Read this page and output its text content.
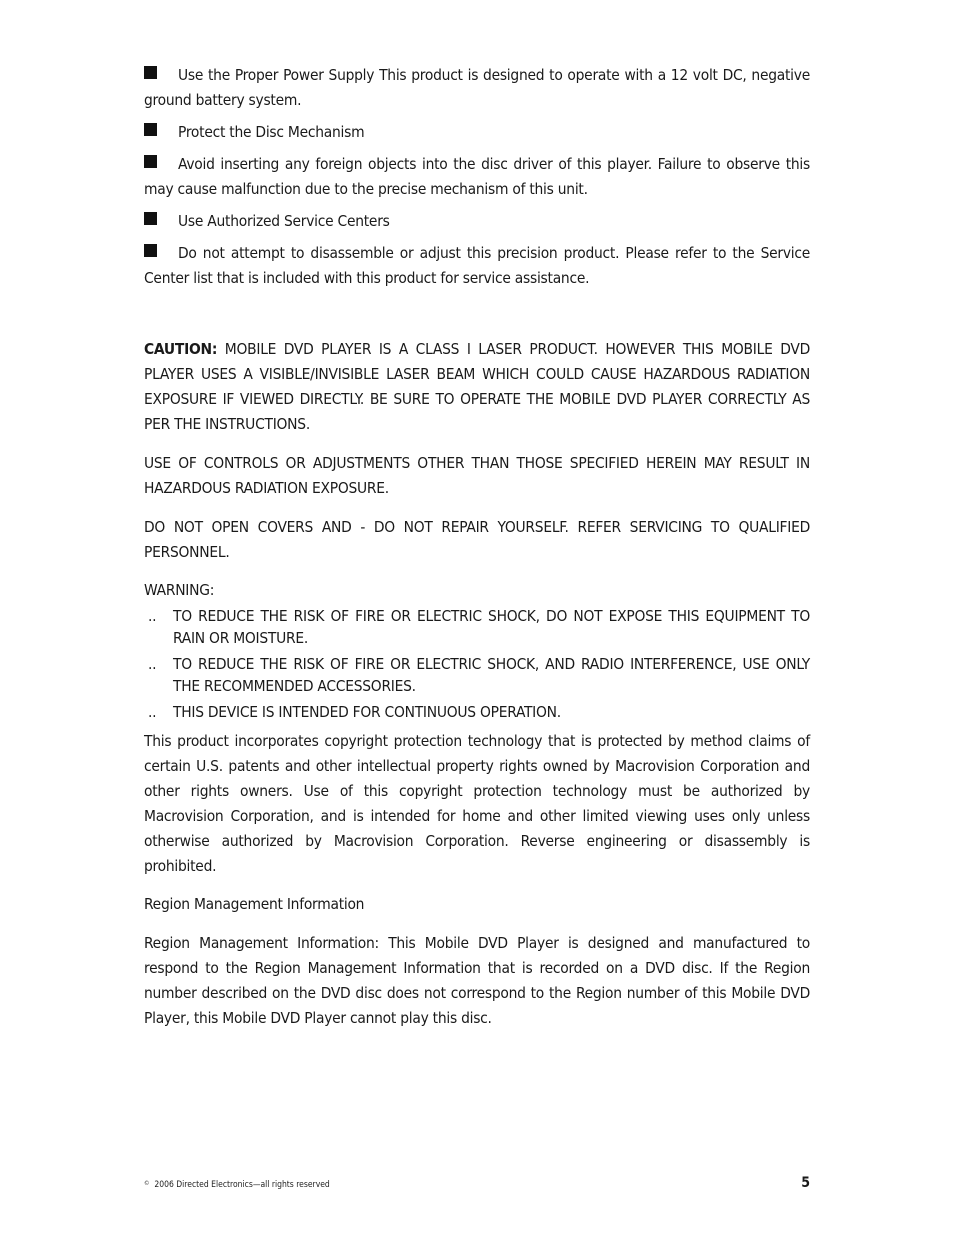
Use the Proper Power Supply This product is designed to operate with a 12 volt DC, negative ground battery system.

Protect the Disc Mechanism

Avoid inserting any foreign objects into the disc driver of this player. Failure to observe this may cause malfunction due to the precise mechanism of this unit.

Use Authorized Service Centers

Do not attempt to disassemble or adjust this precision product. Please refer to the Service Center list that is included with this product for service assistance.

CAUTION: MOBILE DVD PLAYER IS A CLASS I LASER PRODUCT. HOWEVER THIS MOBILE DVD PLAYER USES A VISIBLE/INVISIBLE LASER BEAM WHICH COULD CAUSE HAZARDOUS RADIATION EXPOSURE IF VIEWED DIRECTLY. BE SURE TO OPERATE THE MOBILE DVD PLAYER CORRECTLY AS PER THE INSTRUCTIONS.

USE OF CONTROLS OR ADJUSTMENTS OTHER THAN THOSE SPECIFIED HEREIN MAY RESULT IN HAZARDOUS RADIATION EXPOSURE.

DO NOT OPEN COVERS AND - DO NOT REPAIR YOURSELF. REFER SERVICING TO QUALIFIED PERSONNEL.

WARNING:

.. TO REDUCE THE RISK OF FIRE OR ELECTRIC SHOCK, DO NOT EXPOSE THIS EQUIPMENT TO RAIN OR MOISTURE.
.. TO REDUCE THE RISK OF FIRE OR ELECTRIC SHOCK, AND RADIO INTERFERENCE, USE ONLY THE RECOMMENDED ACCESSORIES.
.. THIS DEVICE IS INTENDED FOR CONTINUOUS OPERATION.

This product incorporates copyright protection technology that is protected by method claims of certain U.S. patents and other intellectual property rights owned by Macrovision Corporation and other rights owners. Use of this copyright protection technology must be authorized by Macrovision Corporation, and is intended for home and other limited viewing uses only unless otherwise authorized by Macrovision Corporation. Reverse engineering or disassembly is prohibited.

Region Management Information

Region Management Information: This Mobile DVD Player is designed and manufactured to respond to the Region Management Information that is recorded on a DVD disc. If the Region number described on the DVD disc does not correspond to the Region number of this Mobile DVD Player, this Mobile DVD Player cannot play this disc.

© 2006 Directed Electronics—all rights reserved	5
